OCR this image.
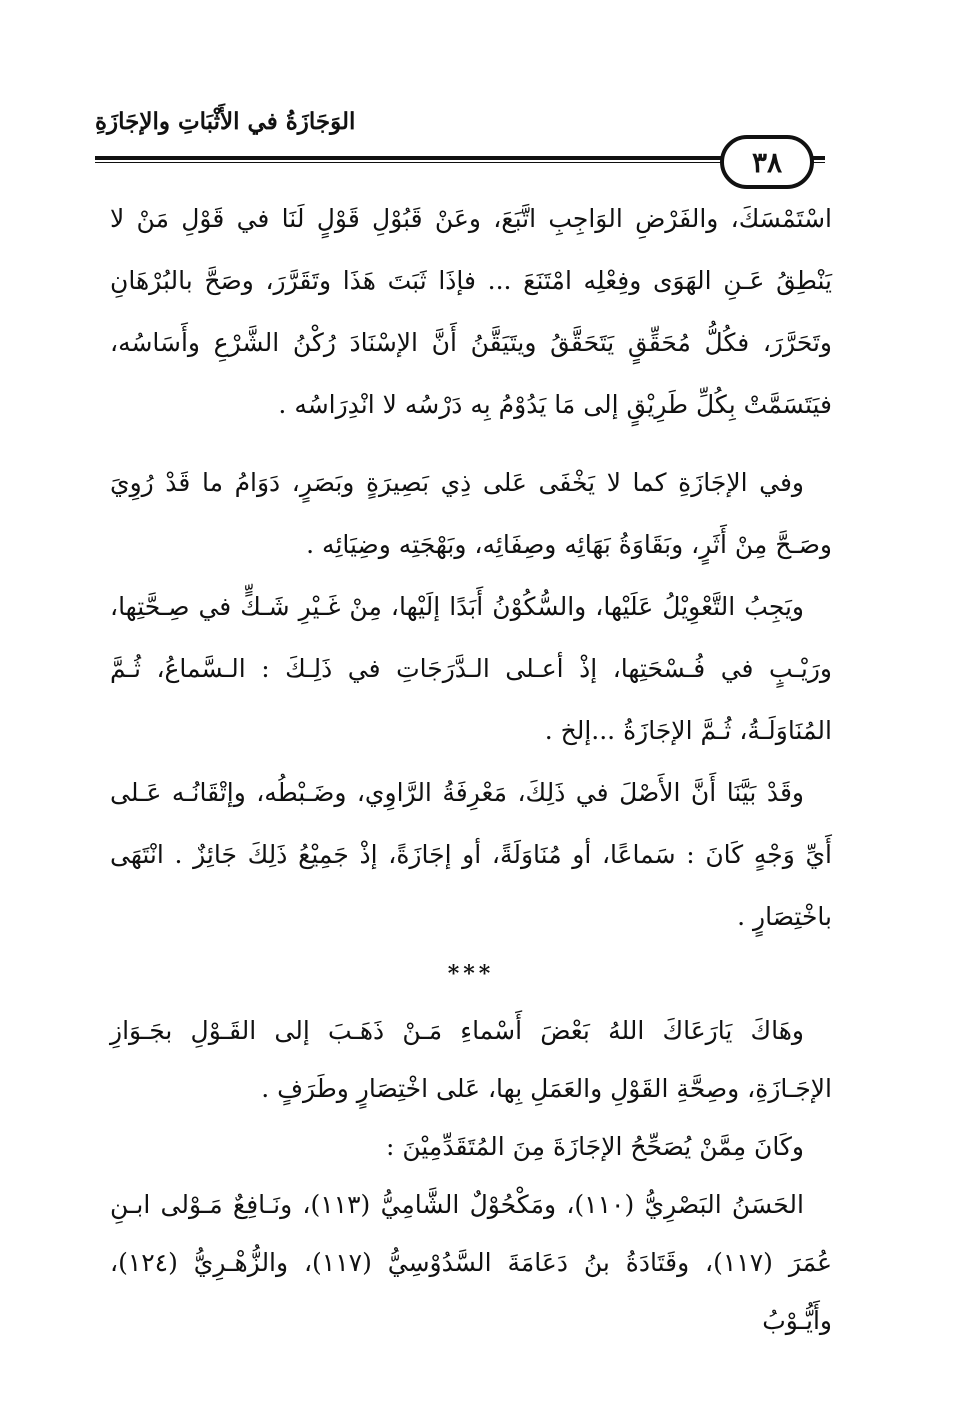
الوَجَازَةُ في الأَثْبَاتِ والإجَازَةِ
٣٨

اسْتَمْسَكَ، والفَرْضِ الوَاجِبِ اتَّبَعَ، وعَنْ قَبُوْلِ قَوْلٍ لَنَا في قَوْلِ مَنْ لا يَنْطِقُ عَـنِ الهَوَى وفِعْلِه امْتَنَعَ ... فإذَا ثَبَتَ هَذَا وتَقَرَّرَ، وصَحَّ بالبُرْهَانِ وتَحَرَّرَ، فكُلُّ مُحَقِّقٍ يَتَحَقَّقُ ويتَيَقَّنُ أَنَّ الإسْنَادَ رُكْنُ الشَّرْعِ وأَسَاسُه، فيَتَسَمَّتْ بِكُلِّ طَرِيْقٍ إلى مَا يَدُوْمُ بِه دَرْسُه لا انْدِرَاسُه .

وفي الإجَازَةِ كما لا يَخْفَى عَلى ذِي بَصِيرَةٍ وبَصَرٍ، دَوَامُ ما قَدْ رُوِيَ وصَـحَّ مِنْ أَثَرٍ، وبَقَاوَةُ بَهَائِه وصِفَائِه، وبَهْجَتِه وضِيَائِه .

ويَجِبُ التَّعْوِيْلُ عَلَيْها، والسُّكُوْنُ أَبَدًا إلَيْها، مِنْ غَـيْرِ شَـكٍّ في صِـحَّتِها، ورَيْـبٍ في فُـسْحَتِها، إذْ أعـلى الـدَّرَجَاتِ في ذَلِـكَ : الـسَّماعُ، ثُـمَّ المُنَاوَلَـةُ، ثُـمَّ الإجَازَةُ ...إلخ .

وقَدْ بَيَّنَا أَنَّ الأَصْلَ في ذَلِكَ، مَعْرِفَةُ الرَّاوِي، وضَـبْطُه، وإتْقَانُـه عَـلى أَيِّ وَجْهٍ كَانَ : سَماعًا، أو مُنَاوَلَةً، أو إجَازَةً، إذْ جَمِيْعُ ذَلِكَ جَائِزٌ . انْتَهَى باخْتِصَارٍ .

***

وهَاكَ يَارَعَاكَ اللهُ بَعْضَ أَسْماءِ مَـنْ ذَهَـبَ إلى القَـوْلِ بجَـوَازِ الإجَـازَةِ، وصِحَّةِ القَوْلِ والعَمَلِ بِها، عَلى اخْتِصَارٍ وطَرَفٍ .

وكَانَ مِمَّنْ يُصَحِّحُ الإجَازَةَ مِنَ المُتَقَدِّمِيْنَ :

الحَسَنُ البَصْرِيُّ (١١٠)، ومَكْحُوْلٌ الشَّامِيُّ (١١٣)، ونَـافِعٌ مَـوْلى ابـنِ عُمَرَ (١١٧)، وقَتَادَةُ بنُ دَعَامَةَ السَّدُوْسِيُّ (١١٧)، والزُّهْـرِيُّ (١٢٤)، وأَيُّـوْبُ
